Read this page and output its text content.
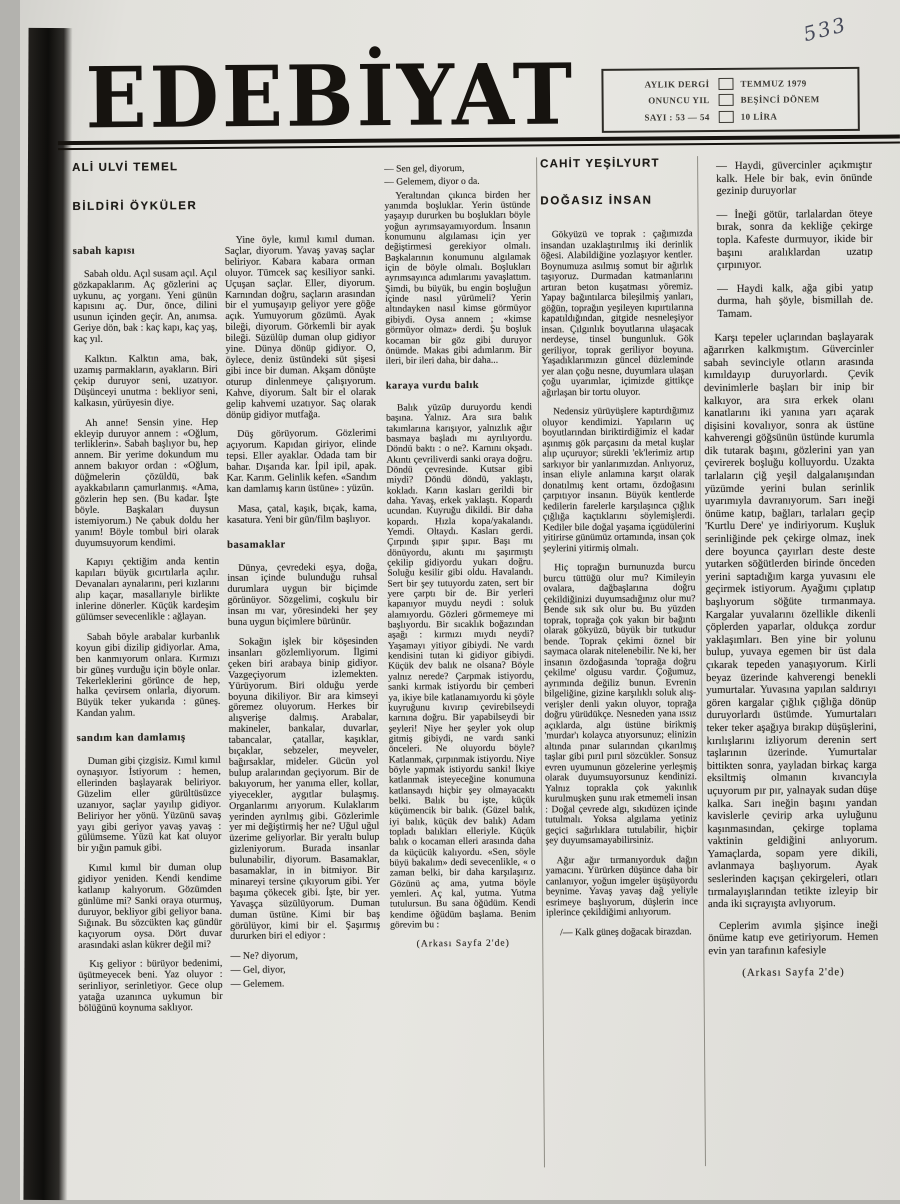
533
EDEBİYAT	AYLIK DERGİ	TEMMUZ 1979
ONUNCU YIL	BEŞİNCİ DÖNEM
SAYI : 53 — 54	10 LİRA
ALİ ULVİ TEMEL
BİLDİRİ ÖYKÜLER
sabah kapısı
Sabah oldu. Açıl susam açıl. Açıl gözkapaklarım. Aç gözlerini aç uykunu, aç yorganı. Yeni günün kapısını aç. Dur, önce, dilini usunun içinden geçir. An, anımsa. Geriye dön, bak : kaç kapı, kaç yaş, kaç yıl.
Kalktın. Kalktın ama, bak, uzamış parmakların, ayakların. Biri çekip duruyor seni, uzatıyor. Düşünceyi unutma : bekliyor seni, kalkasın, yürüyesin diye.
Ah anne! Sensin yine. Hep ekleyip duruyor annem : «Oğlum, terliklerin». Sabah başlıyor bu, hep annem. Bir yerime dokundum mu annem bakıyor ordan : «Oğlum, düğmelerin çözüldü, bak ayakkabıların çamurlanmış. «Ama, gözlerin hep sen. (Bu kadar. İşte böyle. Başkaları duysun istemiyorum.) Ne çabuk doldu her yanım! Böyle tombul biri olarak duyumsuyorum kendimi.
Kapıyı çektiğim anda kentin kapıları büyük gıcırtılarla açılır. Devanaları aynalarını, peri kızlarını alıp kaçar, masallarıyle birlikte inlerine dönerler. Küçük kardeşim gülümser sevecenlikle : ağlayan.
Sabah böyle arabalar kurbanlık koyun gibi dizilip gidiyorlar. Ama, ben kanmıyorum onlara. Kırmızı bir güneş vurduğu için böyle onlar. Tekerleklerini görünce de hep, halka çevirsem onlarla, diyorum. Büyük teker yukarıda : güneş. Kandan yalım.
sandım kan damlamış
Duman gibi çizgisiz. Kımıl kımıl oynaşıyor. İstiyorum : hemen, ellerinden başlayarak beliriyor. Güzelim eller gürültüsüzce uzanıyor, saçlar yayılıp gidiyor. Beliriyor her yönü. Yüzünü savaş yayı gibi geriyor yavaş yavaş : gülümseme. Yüzü kat kat oluyor bir yığın pamuk gibi.
Kımıl kımıl bir duman olup gidiyor yeniden. Kendi kendime katlanıp kalıyorum. Gözümden günlüme mi? Sanki oraya oturmuş, duruyor, bekliyor gibi geliyor bana. Sığınak. Bu sözcükten kaç gündür kaçıyorum oysa. Dört duvar arasındaki aslan kükrer değil mi?
Kış geliyor : bürüyor bedenimi, üşütmeyecek beni. Yaz oluyor : serinliyor, serinletiyor. Gece olup yatağa uzanınca uykumun bir bölüğünü koynuma saklıyor.
Yine öyle, kımıl kımıl duman. Saçlar, diyorum. Yavaş yavaş saçlar beliriyor. Kabara kabara orman oluyor. Tümcek saç kesiliyor sanki. Uçuşan saçlar. Eller, diyorum. Karnından doğru, saçların arasından bir el yumuşayıp geliyor yere göğe açık. Yumuyorum gözümü. Ayak bileği, diyorum. Görkemli bir ayak bileği. Süzülüp duman olup gidiyor yine. Dünya dönüp gidiyor. O, öylece, deniz üstündeki süt şişesi gibi ince bir duman. Akşam dönüşte oturup dinlenmeye çalışıyorum. Kahve, diyorum. Salt bir el olarak gelip kahvemi uzatıyor. Saç olarak dönüp gidiyor mutfağa.
Düş görüyorum. Gözlerimi açıyorum. Kapıdan giriyor, elinde tepsi. Eller ayaklar. Odada tam bir bahar. Dışarıda kar. İpil ipil, apak. Kar. Karım. Gelinlik kefen. «Sandım kan damlamış karın üstüne» : yüzün.
Masa, çatal, kaşık, bıçak, kama, kasatura. Yeni bir gün/film başlıyor.
basamaklar
Dünya, çevredeki eşya, doğa, insan içinde bulunduğu ruhsal durumlara uygun bir biçimde görünüyor. Sözgelimi, coşkulu bir insan mı var, yöresindeki her şey buna uygun biçimlere bürünür.
Sokağın işlek bir köşesinden insanları gözlemliyorum. İlgimi çeken biri arabaya binip gidiyor. Vazgeçiyorum izlemekten. Yürüyorum. Biri olduğu yerde boyuna dikiliyor. Bir ara kimseyi göremez oluyorum. Herkes bir alışverişe dalmış. Arabalar, makineler, bankalar, duvarlar, tabancalar, çatallar, kaşıklar, bıçaklar, sebzeler, meyveler, bağırsaklar, mideler. Gücün yol bulup aralarından geçiyorum. Bir de bakıyorum, her yanıma eller, kollar, yiyecekler, aygıtlar bulaşmış. Organlarımı arıyorum. Kulaklarım yerinden ayrılmış gibi. Gözlerimle yer mi değiştirmiş her ne? Uğul uğul üzerime geliyorlar. Bir yeraltı bulup gizleniyorum. Burada insanlar bulunabilir, diyorum. Basamaklar, basamaklar, in in bitmiyor. Bir minareyi tersine çıkıyorum gibi. Yer başıma çökecek gibi. İşte, bir yer. Yavaşça süzülüyorum. Duman duman üstüne. Kimi bir baş görülüyor, kimi bir el. Şaşırmış dururken biri el ediyor :
— Ne? diyorum,
— Gel, diyor,
— Gelemem.
— Sen gel, diyorum,
— Gelemem, diyor o da.
Yeraltından çıkınca birden her yanımda boşluklar. Yerin üstünde yaşayıp dururken bu boşlukları böyle yoğun ayrımsayamıyordum. İnsanın konumunu algılaması için yer değiştirmesi gerekiyor olmalı. Başkalarının konumunu algılamak için de böyle olmalı. Boşlukları ayrımsayınca adımlarımı yavaşlattım. Şimdi, bu büyük, bu engin boşluğun içinde nasıl yürümeli? Yerin altındayken nasıl kimse görmüyor gibiydi. Oysa annem ; «kimse görmüyor olmaz» derdi. Şu boşluk kocaman bir göz gibi duruyor önümde. Makas gibi adımlarım. Bir ileri, bir ileri daha, bir daha...
karaya vurdu balık
Balık yüzüp duruyordu kendi başına. Yalnız. Ara sıra balık takımlarına karışıyor, yalnızlık ağır basmaya başladı mı ayrılıyordu. Döndü baktı : o ne?. Karnını okşadı. Akıntı çevriliverdi sanki oraya doğru. Döndü çevresinde. Kutsar gibi miydi? Döndü döndü, yaklaştı, kokladı. Karın kasları gerildi bir daha. Yavaş, erkek yaklaştı. Kopardı ucundan. Kuyruğu dikildi. Bir daha kopardı. Hızla kopa/yakalandı. Yemdi. Oltaydı. Kasları gerdi. Çırpındı şıpır şıpır. Başı mı dönüyordu, akıntı mı şaşırmıştı çekilip gidiyordu yukarı doğru. Soluğu kesilir gibi oldu. Havalandı. Sert bir şey tutuyordu zaten, sert bir yere çarptı bir de. Bir yerleri kapanıyor muydu neydi : soluk alamıyordu. Gözleri görmemeye mi başlıyordu. Bir sıcaklık boğazından aşağı : kırmızı mıydı neydi? Yaşamayı yitiyor gibiydi. Ne vardı kendisini tutan ki gidiyor gibiydi. Küçük dev balık ne olsana? Böyle yalnız nerede? Çarpmak istiyordu, sanki kırmak istiyordu bir çemberi ya, ikiye bile katlanamıyordu ki şöyle kuyruğunu kıvırıp çevirebilseydi karnına doğru. Bir yapabilseydi bir şeyleri! Niye her şeyler yok olup gitmiş gibiydi, ne vardı sanki önceleri. Ne oluyordu böyle? Katlanmak, çırpınmak istiyordu. Niye böyle yapmak istiyordu sanki! İkiye katlanmak isteyeceğine konumuna katlansaydı hiçbir şey olmayacaktı belki. Balık bu işte, küçük küçümencik bir balık. (Güzel balık, iyi balık, küçük dev balık) Adam topladı balıkları elleriyle. Küçük balık o kocaman elleri arasında daha da küçücük kalıyordu. «Sen, söyle büyü bakalım» dedi sevecenlikle, « o zaman belki, bir daha karşılaşırız. Gözünü aç ama, yutma böyle yemleri. Aç kal, yutma. Yutma tutulursun. Bu sana öğüdüm. Kendi kendime öğüdüm başlama. Benim görevim bu :
(Arkası Sayfa 2'de)
CAHİT YEŞİLYURT
DOĞASIZ İNSAN
Gökyüzü ve toprak : çağımızda insandan uzaklaştırılmış iki derinlik öğesi. Alabildiğine yozlaşıyor kentler. Boynumuza asılmış somut bir ağırlık taşıyoruz. Durmadan katmanlarını artıran beton kuşatması yöremiz. Yapay bağıntılarca bileşilmiş yanları, göğün, toprağın yeşileyen kıpırtılarına kapatıldığından, gitgide nesneleşiyor insan. Çılgınlık boyutlarına ulaşacak nerdeyse, tinsel bungunluk. Gök geriliyor, toprak geriliyor boyuna. Yaşadıklarımızın güncel düzleminde yer alan çoğu nesne, duyumlara ulaşan çoğu uyarımlar, içimizde gittikçe ağırlaşan bir tortu oluyor.
Nedensiz yürüyüşlere kaptırdığımız oluyor kendimizi. Yapıların uç boyutlarından biriktirdiğimiz el kadar aşınmış gök parçasını da metal kuşlar alıp uçuruyor; sürekli 'ek'lerimiz artıp sarkıyor bir yanlarımızdan. Anlıyoruz, insan eliyle anlamına karşıt olarak donatılmış kent ortamı, özdoğasını çarpıtıyor insanın. Büyük kentlerde kedilerin farelerle karşılaşınca çığlık çığlığa kaçtıklarını söylemişlerdi. Kediler bile doğal yaşama içgüdülerini yitirirse günümüz ortamında, insan çok şeylerini yitirmiş olmalı.
Hiç toprağın burnunuzda burcu burcu tüttüğü olur mu? Kimileyin ovalara, dağbaşlarına doğru çekildiğinizi duyumsadığınız olur mu? Bende sık sık olur bu. Bu yüzden toprak, toprağa çok yakın bir bağıntı olarak gökyüzü, büyük bir tutkudur bende. Toprak çekimi öznel bir saymaca olarak nitelenebilir. Ne ki, her insanın özdoğasında 'toprağa doğru çekilme' olgusu vardır. Çoğumuz, ayrımında değiliz bunun. Evrenin bilgeliğine, gizine karşılıklı soluk alış-verişler denli yakın oluyor, toprağa doğru yürüdükçe. Nesneden yana ıssız açıklarda, algı üstüne birikmiş 'murdar'ı kolayca atıyorsunuz; elinizin altında pınar sularından çıkarılmış taşlar gibi pırıl pırıl sözcükler. Sonsuz evren uyumunun gözelerine yerleşmiş olarak duyumsuyorsunuz kendinizi. Yalnız toprakla çok yakınlık kurulmuşken şunu ırak etmemeli insan : Doğal çevrede algı, sıkıdüzen içinde tutulmalı. Yoksa algılama yetiniz geçici sağırlıklara tutulabilir, hiçbir şey duyumsamayabilirsiniz.
Ağır ağır tırmanıyorduk dağın yamacını. Yürürken düşünce daha bir canlanıyor, yoğun imgeler üşüşüyordu beynime. Yavaş yavaş dağ yeliyle esrimeye başlıyorum, düşlerin ince iplerince çekildiğimi anlıyorum.
/— Kalk güneş doğacak birazdan.
— Haydi, güvercinler açıkmıştır kalk. Hele bir bak, evin önünde gezinip duruyorlar
— İneği götür, tarlalardan öteye bırak, sonra da kekliğe çekirge topla. Kafeste durmuyor, ikide bir başını aralıklardan uzatıp çırpınıyor.
— Haydi kalk, ağa gibi yatıp durma, hah şöyle, bismillah de. Tamam.
Karşı tepeler uçlarından başlayarak ağarırken kalkmıştım. Güvercinler sabah sevinciyle otların arasında kımıldayıp duruyorlardı. Çevik devinimlerle başları bir inip bir kalkıyor, ara sıra erkek olanı kanatlarını iki yanına yarı açarak dişisini kovalıyor, sonra ak üstüne kahverengi göğsünün üstünde kurumla dik tutarak başını, gözlerini yan yan çevirerek boşluğu kolluyordu. Uzakta tarlaların çiğ yeşil dalgalanışından yüzümde yerini bulan serinlik uyarımıyla davranıyorum. Sarı ineği önüme katıp, bağları, tarlaları geçip 'Kurtlu Dere' ye indiriyorum. Kuşluk serinliğinde pek çekirge olmaz, inek dere boyunca çayırları deste deste yutarken söğütlerden birinde önceden yerini saptadığım karga yuvasını ele geçirmek istiyorum. Ayağımı çıplatıp başlıyorum söğüte tırmanmaya. Kargalar yuvalarını özellikle dikenli çöplerden yaparlar, oldukça zordur yaklaşımları. Ben yine bir yolunu bulup, yuvaya egemen bir üst dala çıkarak tepeden yanaşıyorum. Kirli beyaz üzerinde kahverengi benekli yumurtalar. Yuvasına yapılan saldırıyı gören kargalar çığlık çığlığa dönüp duruyorlardı üstümde. Yumurtaları teker teker aşağıya bırakıp düşüşlerini, kırılışlarını izliyorum derenin sert taşlarının üzerinde. Yumurtalar bittikten sonra, yayladan birkaç karga eksiltmiş olmanın kıvancıyla uçuyorum pır pır, yalnayak sudan düşe kalka. Sarı ineğin başını yandan kavislerle çevirip arka uyluğunu kaşınmasından, çekirge toplama vaktinin geldiğini anlıyorum. Yamaçlarda, sopam yere dikili, avlanmaya başlıyorum. Ayak seslerinden kaçışan çekirgeleri, otları tırmalayışlarından tetikte izleyip bir anda iki sıçrayışta avlıyorum.
Ceplerim avımla şişince ineği önüme katıp eve getiriyorum. Hemen evin yan tarafının kafesiyle
(Arkası Sayfa 2'de)
